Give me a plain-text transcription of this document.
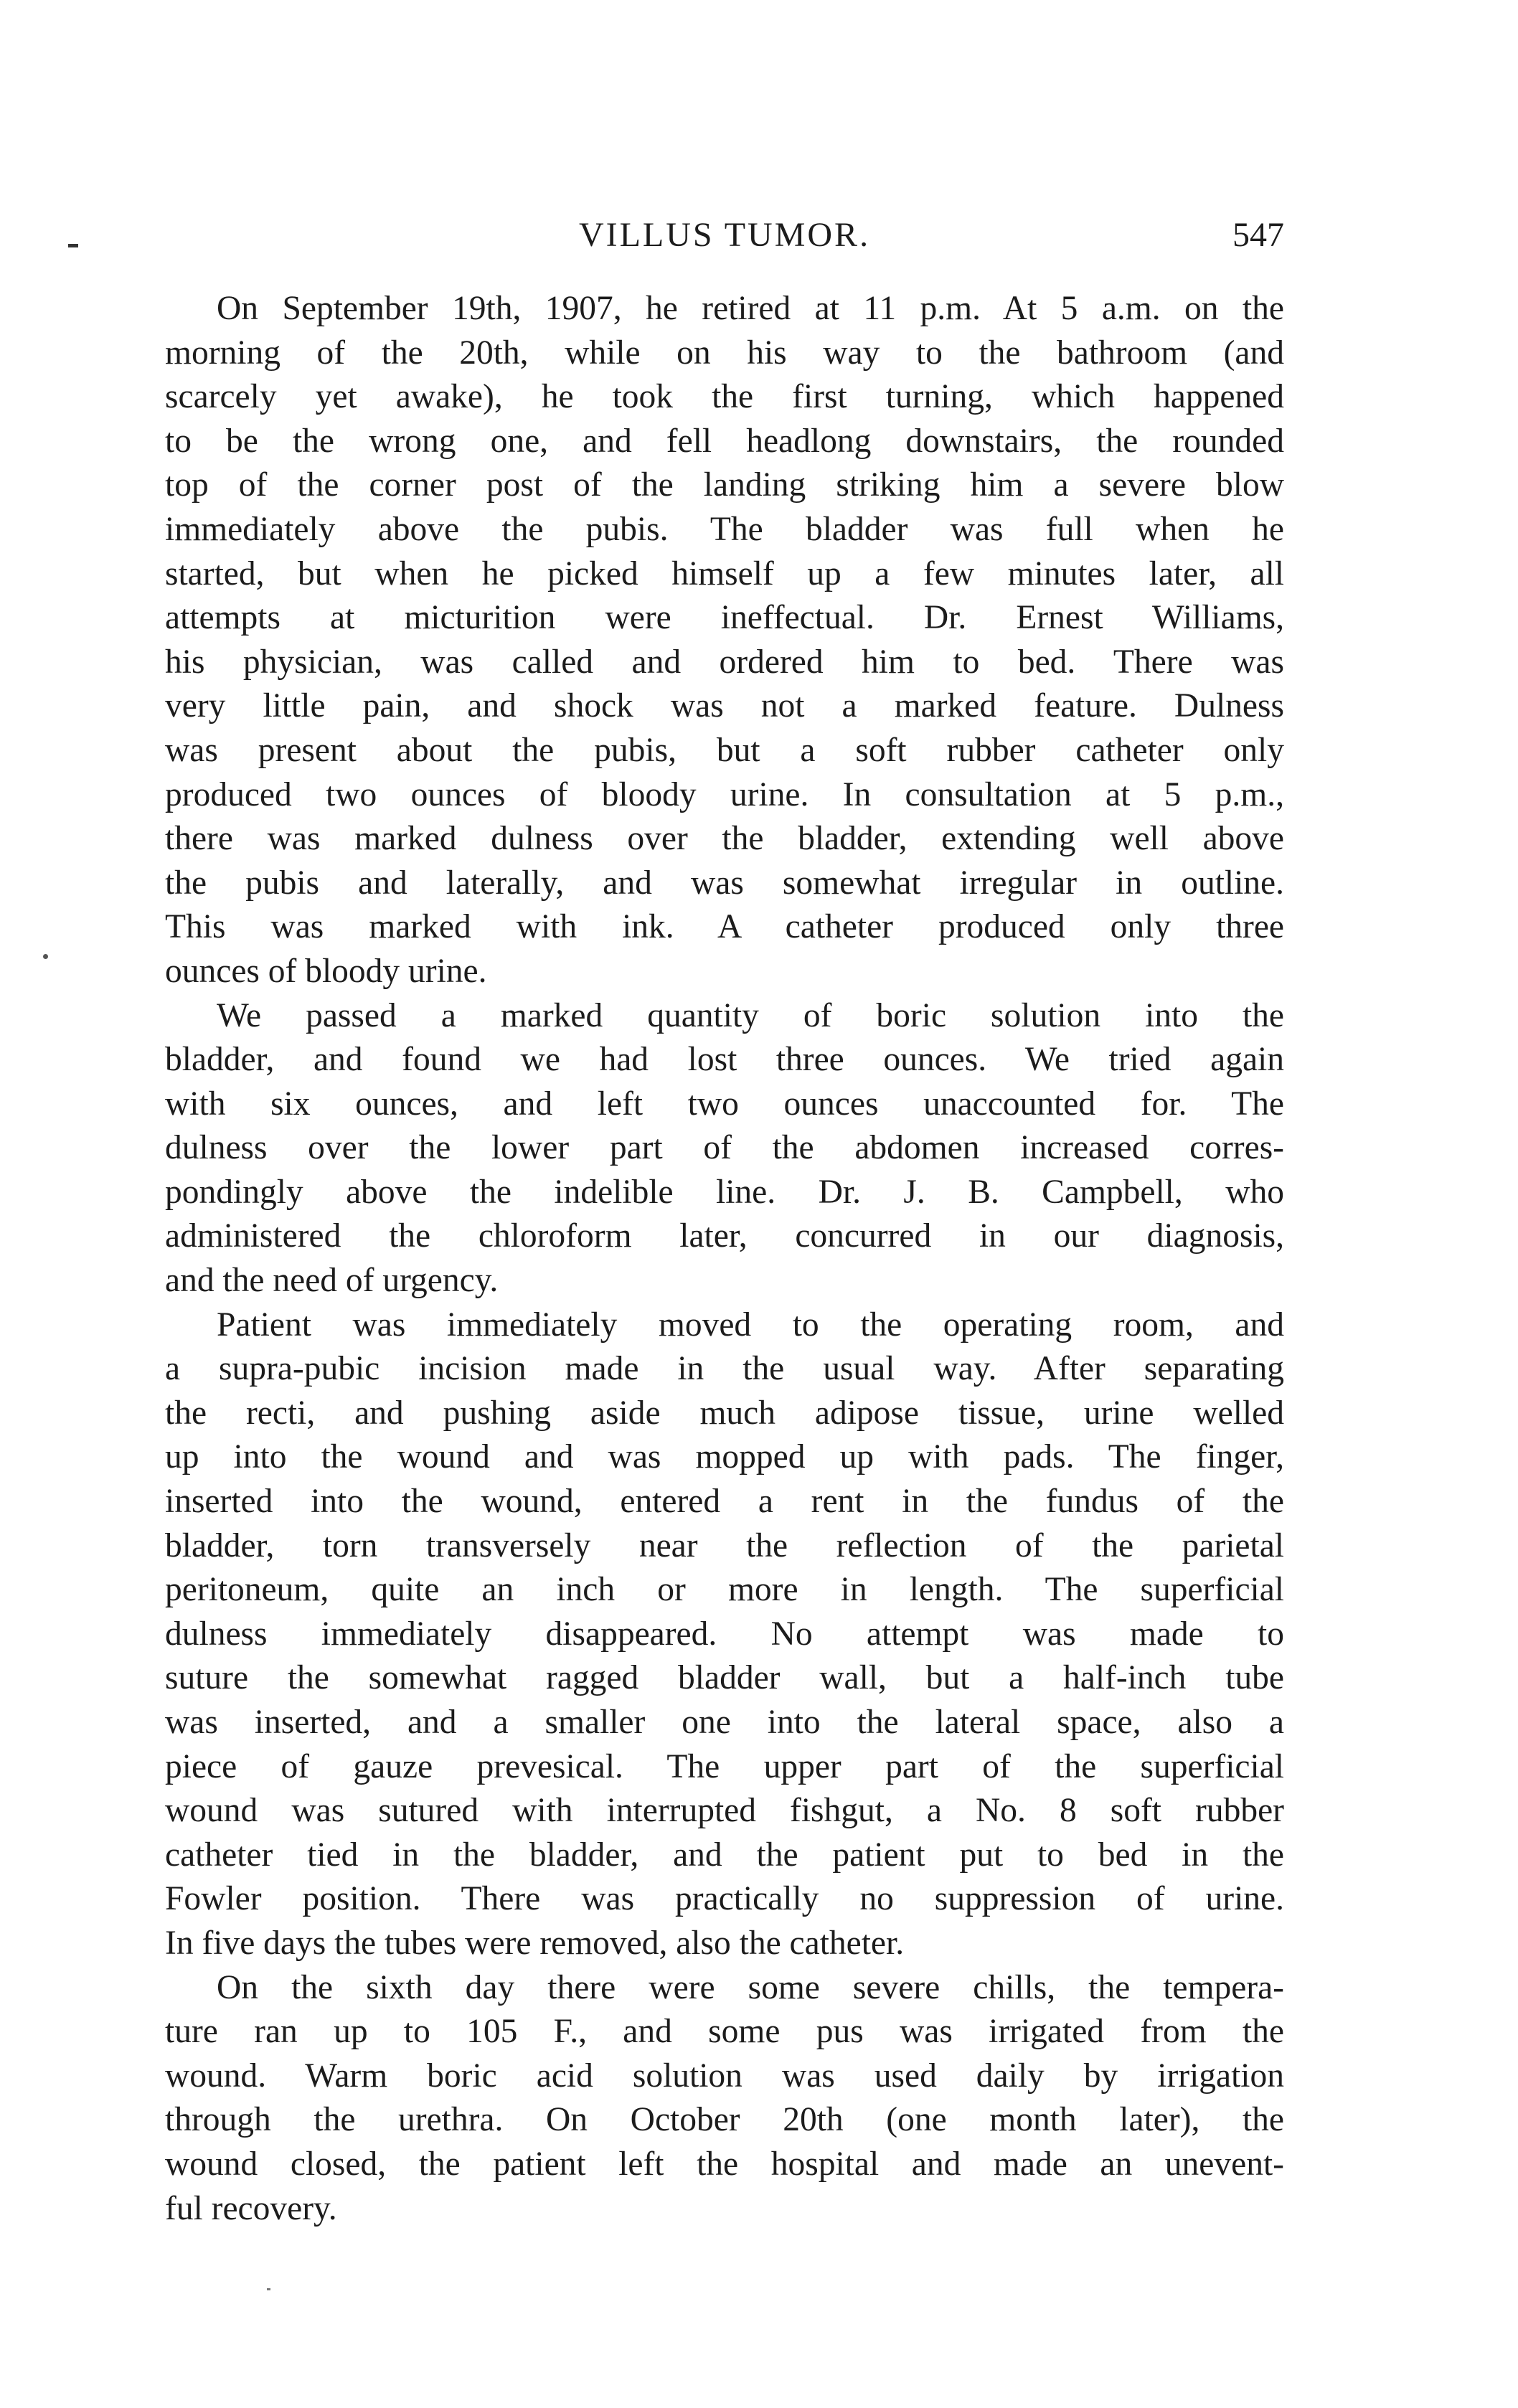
VILLUS TUMOR.	547

On September 19th, 1907, he retired at 11 p.m. At 5 a.m. on the
morning of the 20th, while on his way to the bathroom (and
scarcely yet awake), he took the first turning, which happened
to be the wrong one, and fell headlong downstairs, the rounded
top of the corner post of the landing striking him a severe blow
immediately above the pubis. The bladder was full when he
started, but when he picked himself up a few minutes later, all
attempts at micturition were ineffectual. Dr. Ernest Williams,
his physician, was called and ordered him to bed. There was
very little pain, and shock was not a marked feature. Dulness
was present about the pubis, but a soft rubber catheter only
produced two ounces of bloody urine. In consultation at 5 p.m.,
there was marked dulness over the bladder, extending well above
the pubis and laterally, and was somewhat irregular in outline.
This was marked with ink. A catheter produced only three
ounces of bloody urine.

We passed a marked quantity of boric solution into the
bladder, and found we had lost three ounces. We tried again
with six ounces, and left two ounces unaccounted for. The
dulness over the lower part of the abdomen increased corres-
pondingly above the indelible line. Dr. J. B. Campbell, who
administered the chloroform later, concurred in our diagnosis,
and the need of urgency.

Patient was immediately moved to the operating room, and
a supra-pubic incision made in the usual way. After separating
the recti, and pushing aside much adipose tissue, urine welled
up into the wound and was mopped up with pads. The finger,
inserted into the wound, entered a rent in the fundus of the
bladder, torn transversely near the reflection of the parietal
peritoneum, quite an inch or more in length. The superficial
dulness immediately disappeared. No attempt was made to
suture the somewhat ragged bladder wall, but a half-inch tube
was inserted, and a smaller one into the lateral space, also a
piece of gauze prevesical. The upper part of the superficial
wound was sutured with interrupted fishgut, a No. 8 soft rubber
catheter tied in the bladder, and the patient put to bed in the
Fowler position. There was practically no suppression of urine.
In five days the tubes were removed, also the catheter.

On the sixth day there were some severe chills, the tempera-
ture ran up to 105 F., and some pus was irrigated from the
wound. Warm boric acid solution was used daily by irrigation
through the urethra. On October 20th (one month later), the
wound closed, the patient left the hospital and made an unevent-
ful recovery.
